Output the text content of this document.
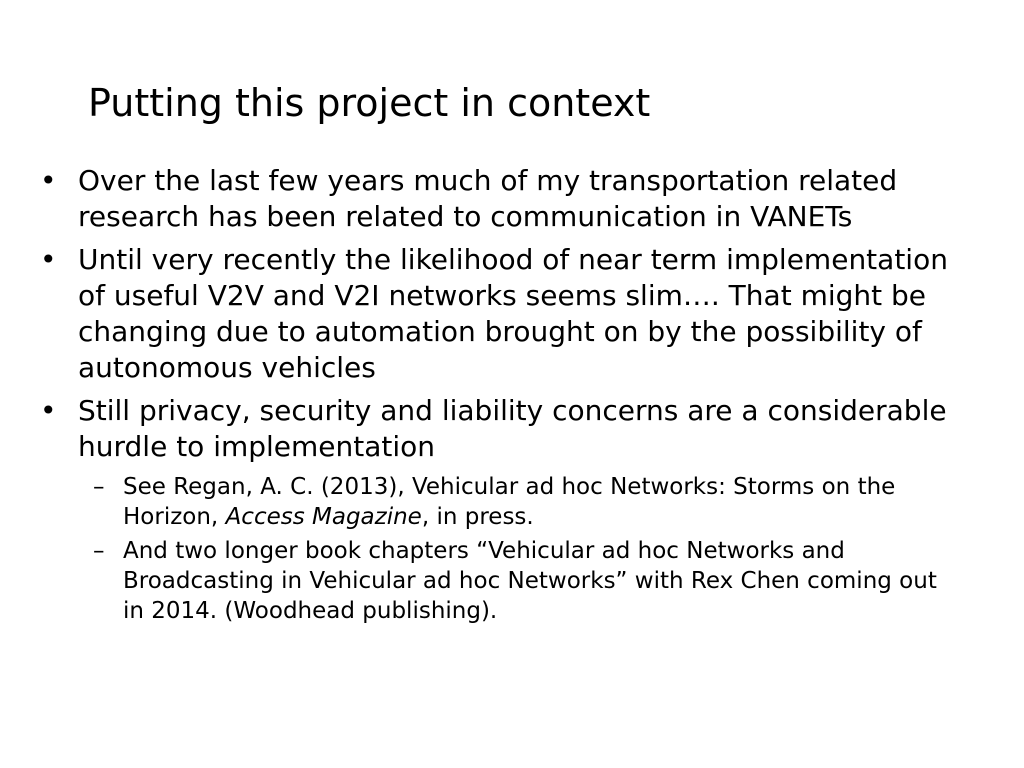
Putting this project in context
• Over the last few years much of my transportation related research has been related to communication in VANETs
• Until very recently the likelihood of near term implementation of useful V2V and V2I networks seems slim…. That might be changing due to automation brought on by the possibility of autonomous vehicles
• Still privacy, security and liability concerns are a considerable hurdle to implementation
– See Regan, A. C. (2013), Vehicular ad hoc Networks: Storms on the Horizon, Access Magazine, in press.
– And two longer book chapters “Vehicular ad hoc Networks and Broadcasting in Vehicular ad hoc Networks” with Rex Chen coming out in 2014. (Woodhead publishing).
